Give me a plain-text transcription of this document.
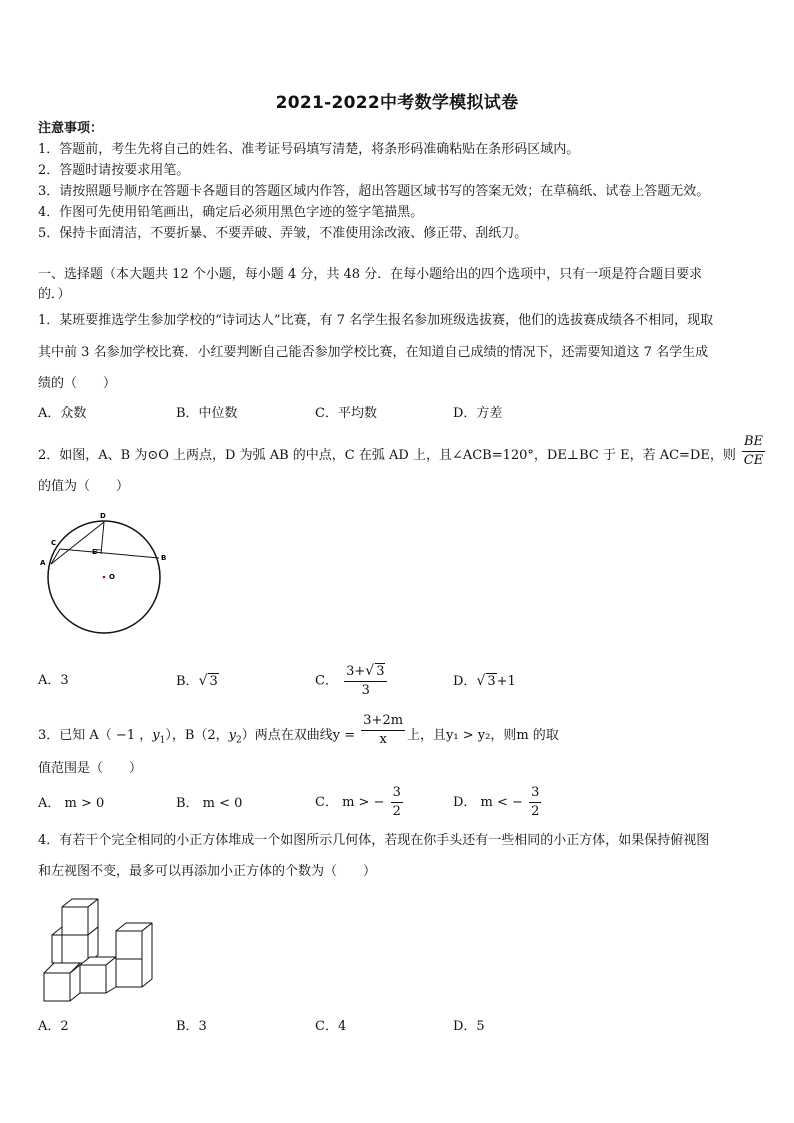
2021-2022中考数学模拟试卷
注意事项：
1．答题前，考生先将自己的姓名、准考证号码填写清楚，将条形码准确粘贴在条形码区域内。
2．答题时请按要求用笔。
3．请按照题号顺序在答题卡各题目的答题区域内作答，超出答题区域书写的答案无效；在草稿纸、试卷上答题无效。
4．作图可先使用铅笔画出，确定后必须用黑色字迹的签字笔描黑。
5．保持卡面清洁，不要折暴、不要弄破、弄皱，不准使用涂改液、修正带、刮纸刀。
一、选择题（本大题共 12 个小题，每小题 4 分，共 48 分．在每小题给出的四个选项中，只有一项是符合题目要求
的．）
1．某班要推选学生参加学校的“诗词达人”比赛，有 7 名学生报名参加班级选拔赛，他们的选拔赛成绩各不相同，现取
其中前 3 名参加学校比赛．小红要判断自己能否参加学校比赛，在知道自己成绩的情况下，还需要知道这 7 名学生成
绩的（　　）
A．众数	B．中位数	C．平均数	D．方差
2．如图，A、B 为⊙O 上两点，D 为弧 AB 的中点，C 在弧 AD 上，且∠ACB=120°，DE⊥BC 于 E，若 AC=DE，则 $\frac{BE}{CE}$
的值为（　　）
D
C
A
E
O
B
A．3	B．√ 3	C． $\frac{3+√ 3}{3}$	D．√ 3+1
3．已知 A（ −1 ，$y_1$），B（2，$y_2$）两点在双曲线$y = \frac{3+2m}{x}$ 上，且y₁ > y₂，则m 的取
值范围是（　　）
A． m > 0	B． m < 0	C． m > − $\frac{3}{2}$	D． m < − $\frac{3}{2}$
4．有若干个完全相同的小正方体堆成一个如图所示几何体，若现在你手头还有一些相同的小正方体，如果保持俯视图
和左视图不变，最多可以再添加小正方体的个数为（　　）
A．2	B．3	C．4	D．5
